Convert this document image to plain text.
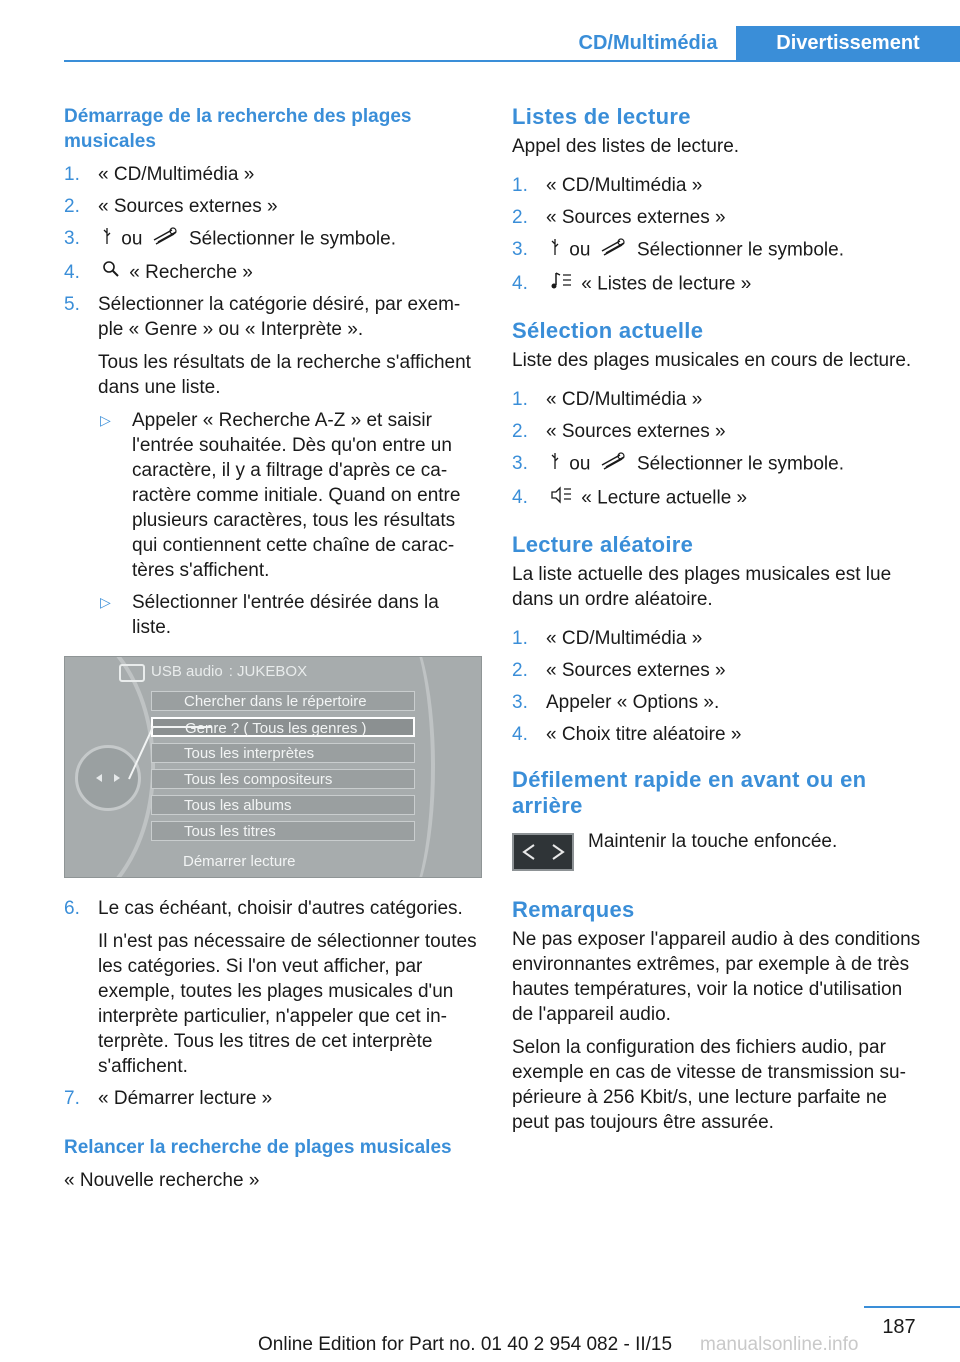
CD/Multimédia	Divertissement
Démarrage de la recherche des plages musicales
1. « CD/Multimédia »
2. « Sources externes »
3. ou Sélectionner le symbole.
4.	« Recherche »
5. Sélectionner la catégorie désiré, par exemple « Genre » ou « Interprète ».
Tous les résultats de la recherche s'affichent dans une liste.
▷ Appeler « Recherche A-Z » et saisir l'entrée souhaitée. Dès qu'on entre un caractère, il y a filtrage d'après ce caractère comme initiale. Quand on entre plusieurs caractères, tous les résultats qui contiennent cette chaîne de caractères s'affichent.
▷ Sélectionner l'entrée désirée dans la liste.
USB audio : JUKEBOX
Chercher dans le répertoire
Genre ? ( Tous les genres )
Tous les interprètes
Tous les compositeurs
Tous les albums
Tous les titres
Démarrer lecture
6. Le cas échéant, choisir d'autres catégories.
Il n'est pas nécessaire de sélectionner toutes les catégories. Si l'on veut afficher, par exemple, toutes les plages musicales d'un interprète particulier, n'appeler que cet interprète. Tous les titres de cet interprète s'affichent.
7. « Démarrer lecture »
Relancer la recherche de plages musicales

« Nouvelle recherche »

Listes de lecture

Appel des listes de lecture.

1. « CD/Multimédia »
2. « Sources externes »
3. ou Sélectionner le symbole.
4.	« Listes de lecture »
Sélection actuelle

Liste des plages musicales en cours de lecture.

1. « CD/Multimédia »
2. « Sources externes »
3. ou Sélectionner le symbole.
4.	« Lecture actuelle »
Lecture aléatoire

La liste actuelle des plages musicales est lue dans un ordre aléatoire.

1. « CD/Multimédia »
2. « Sources externes »
3. Appeler « Options ».
4. « Choix titre aléatoire »
Défilement rapide en avant ou en arrière
Maintenir la touche enfoncée.
Remarques

Ne pas exposer l'appareil audio à des conditions environnantes extrêmes, par exemple à de très hautes températures, voir la notice d'utilisation de l'appareil audio.

Selon la configuration des fichiers audio, par exemple en cas de vitesse de transmission supérieure à 256 Kbit/s, une lecture parfaite ne peut pas toujours être assurée.

187
Online Edition for Part no. 01 40 2 954 082 - II/15 manualsonline.info
